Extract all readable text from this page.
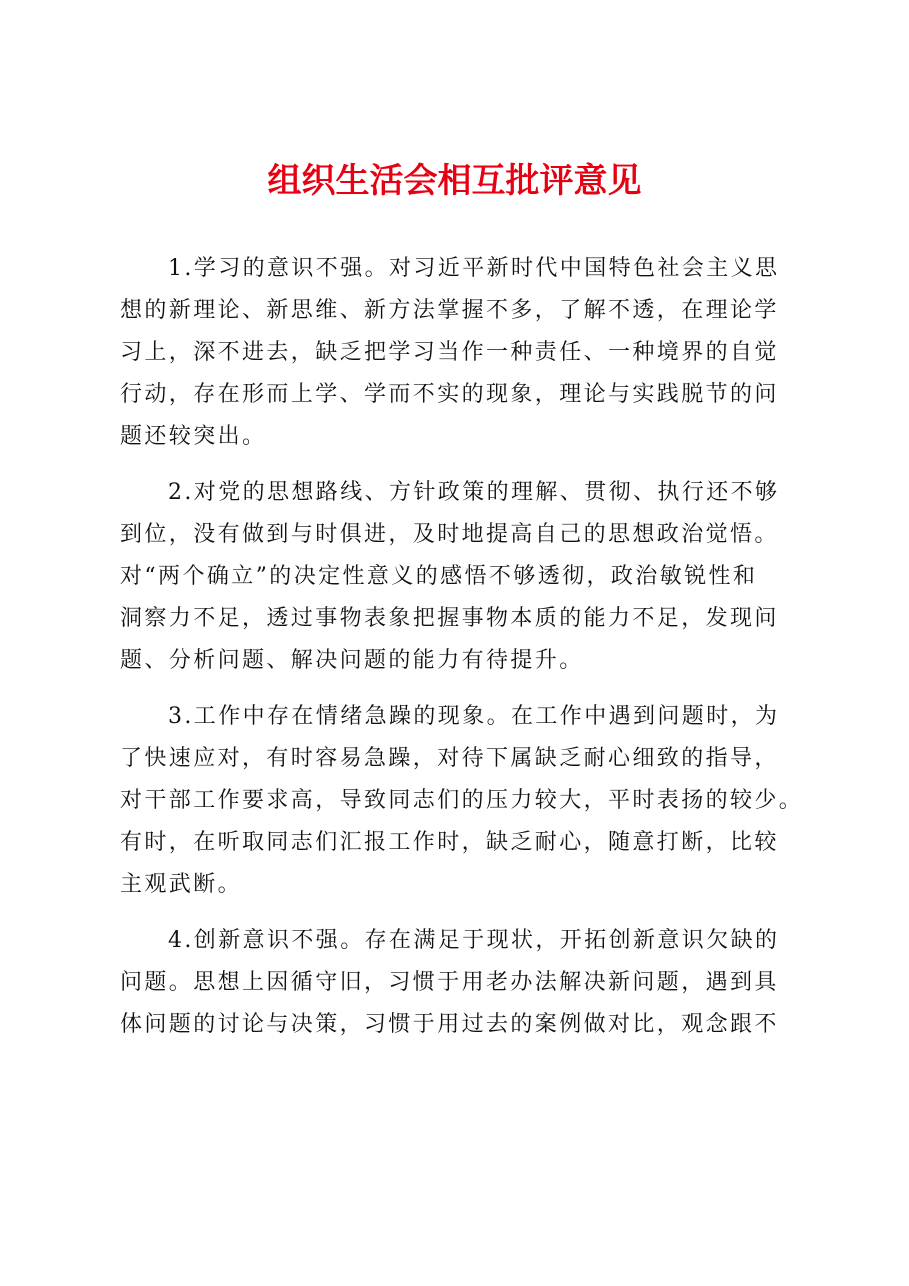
组织生活会相互批评意见
1.学习的意识不强。对习近平新时代中国特色社会主义思
想的新理论、新思维、新方法掌握不多，了解不透，在理论学
习上，深不进去，缺乏把学习当作一种责任、一种境界的自觉
行动，存在形而上学、学而不实的现象，理论与实践脱节的问
题还较突出。
2.对党的思想路线、方针政策的理解、贯彻、执行还不够
到位，没有做到与时俱进，及时地提高自己的思想政治觉悟。
对“两个确立”的决定性意义的感悟不够透彻，政治敏锐性和
洞察力不足，透过事物表象把握事物本质的能力不足，发现问
题、分析问题、解决问题的能力有待提升。
3.工作中存在情绪急躁的现象。在工作中遇到问题时，为
了快速应对，有时容易急躁，对待下属缺乏耐心细致的指导，
对干部工作要求高，导致同志们的压力较大，平时表扬的较少。
有时，在听取同志们汇报工作时，缺乏耐心，随意打断，比较
主观武断。
4.创新意识不强。存在满足于现状，开拓创新意识欠缺的
问题。思想上因循守旧，习惯于用老办法解决新问题，遇到具
体问题的讨论与决策，习惯于用过去的案例做对比，观念跟不
